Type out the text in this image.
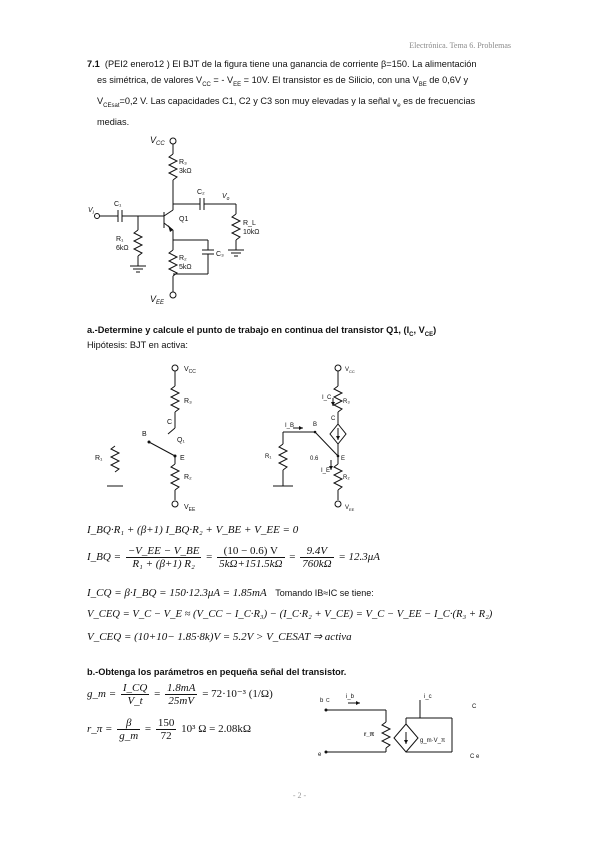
Electrónica. Tema 6. Problemas
7.1 (PEI2 enero12 ) El BJT de la figura tiene una ganancia de corriente β=150. La alimentación
es simétrica, de valores $V_{CC}$ = - $V_{EE} = 10V$. El transistor es de Silicio, con una $V_{BE}$ de 0,6V y
$V_{CEsat}=0,2$ V. Las capacidades C1, C2 y C3 son muy elevadas y la señal $v_e$ es de frecuencias
medias.
$V_{CC}$
R₃
3kΩ
C₂
$V_o$
R_L
10kΩ
$V_i$
C₁
Q1
R₁
6kΩ
R₂
5kΩ
C₃
$V_{EE}$
a.-Determine y calcule el punto de trabajo en continua del transistor Q1, ($I_C$, $V_{CE}$)
Hipótesis: BJT en activa:
$V_{CC}$
R₃
C
B
Q₁
E
R₂
R₁
$V_{EE}$
$V_{CC}$
I_C
R₃
C
I_B	B
R₁	0.6	E
I_E
R₂
$V_{EE}$
I_BQ·R₁ + (β+1) I_BQ·R₂ + V_BE + V_EE = 0
I_BQ = $\frac{-V\_EE - V\_BE}{\text{R₁ + (β+1) R₂}} = \frac{(10 - 0.6) V}{5k\Omega+151.5k\Omega} = \frac{9.4V}{760k\Omega} = 12.3\mu A$
I_CQ = β·I_BQ = 150·12.3μA = 1.85mA Tomando IB≈IC se tiene:
V_CEQ = V_C − V_E ≈ (V_CC − I_C·R₃) − (I_C·R₂ + V_CE) = V_C − V_EE − I_C·(R₃ + R₂)
V_CEQ = (10+10− 1.85·8k)V = 5.2V > V_CESAT ⇒ activa
b.-Obtenga los parámetros en pequeña señal del transistor.
g_m = $\frac{I\_CQ}{V\_t} = \frac{1.8mA}{25mV} = 72\cdot 10^{-3}$ (1/Ω)
r_π = $\frac{\beta}{g\_m} = \frac{150}{72} 10^3$ Ω = 2.08kΩ
b C
i_b
r_π
i_c
C
g_m·V_π
e	C e
- 2 -
